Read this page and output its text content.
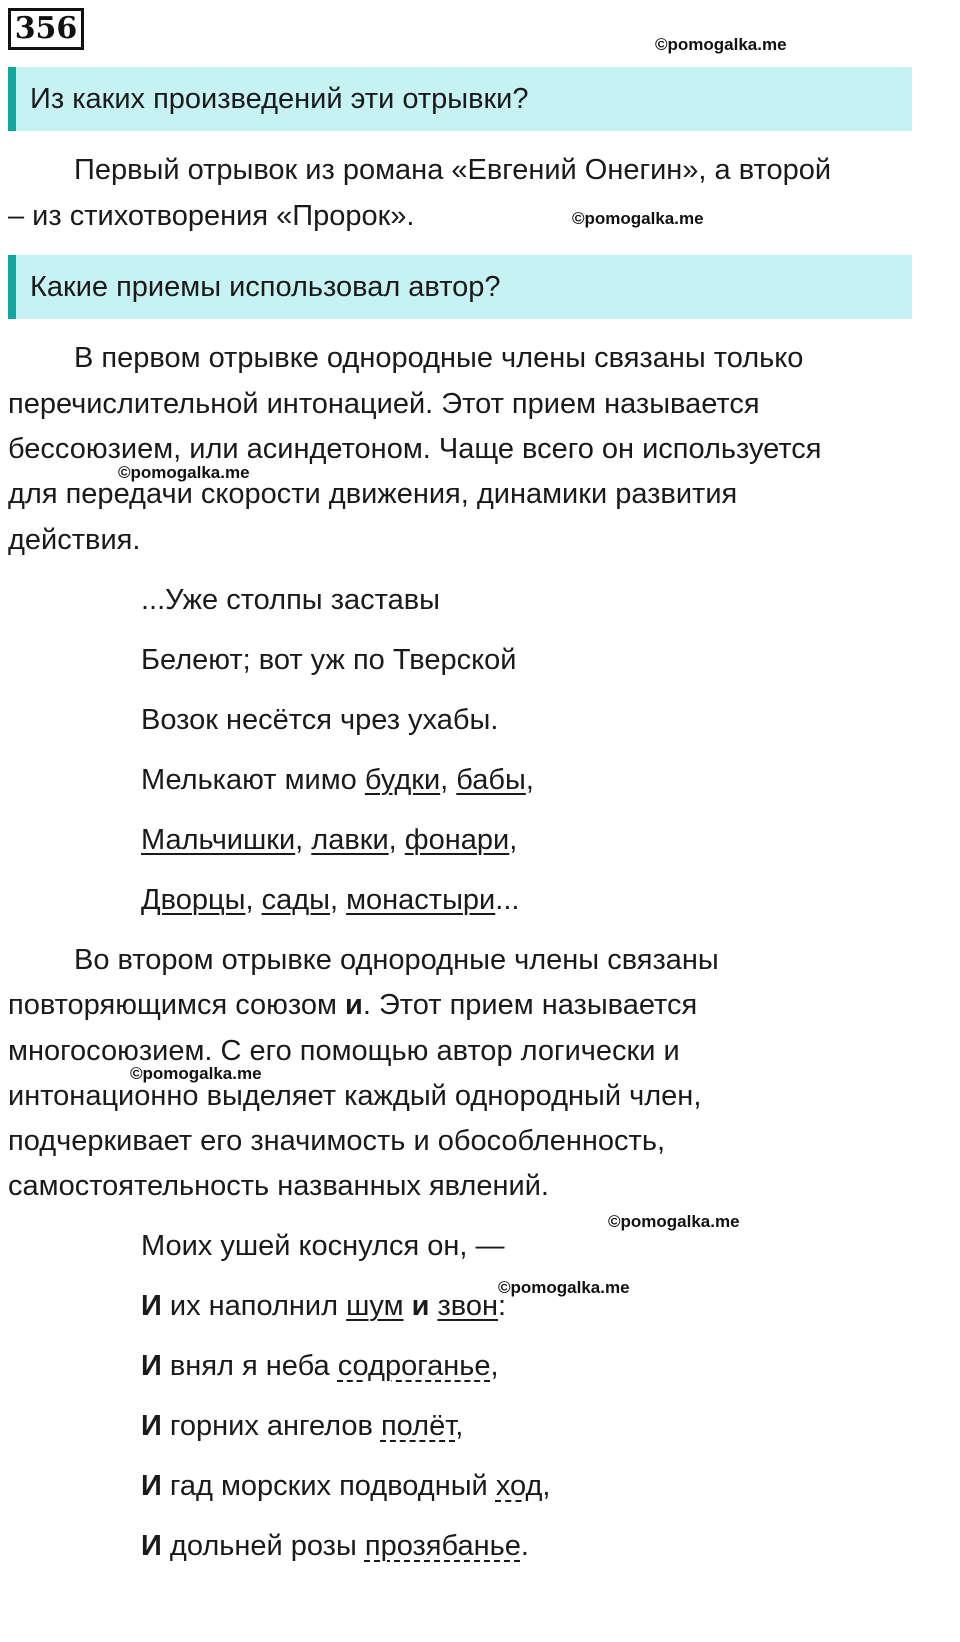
356	©pomogalka.me
Из каких произведений эти отрывки?
Первый отрывок из романа «Евгений Онегин», а второй
– из стихотворения «Пророк».	©pomogalka.me
Какие приемы использовал автор?
В первом отрывке однородные члены связаны только
перечислительной интонацией. Этот прием называется
бессоюзием, или асиндетоном. Чаще всего он используется
©pomogalka.me
для передачи скорости движения, динамики развития
действия.
...Уже столпы заставы
Белеют; вот уж по Тверской
Возок несётся чрез ухабы.
Мелькают мимо будки, бабы,
Мальчишки, лавки, фонари,
Дворцы, сады, монастыри...
Во втором отрывке однородные члены связаны
повторяющимся союзом и. Этот прием называется
многосоюзием. С его помощью автор логически и
©pomogalka.me
интонационно выделяет каждый однородный член,
подчеркивает его значимость и обособленность,
самостоятельность названных явлений.
©pomogalka.me
Моих ушей коснулся он, —
©pomogalka.me
И их наполнил шум и звон:
И внял я неба содроганье,
И горних ангелов полёт,
И гад морских подводный ход,
И дольней розы прозябанье.
